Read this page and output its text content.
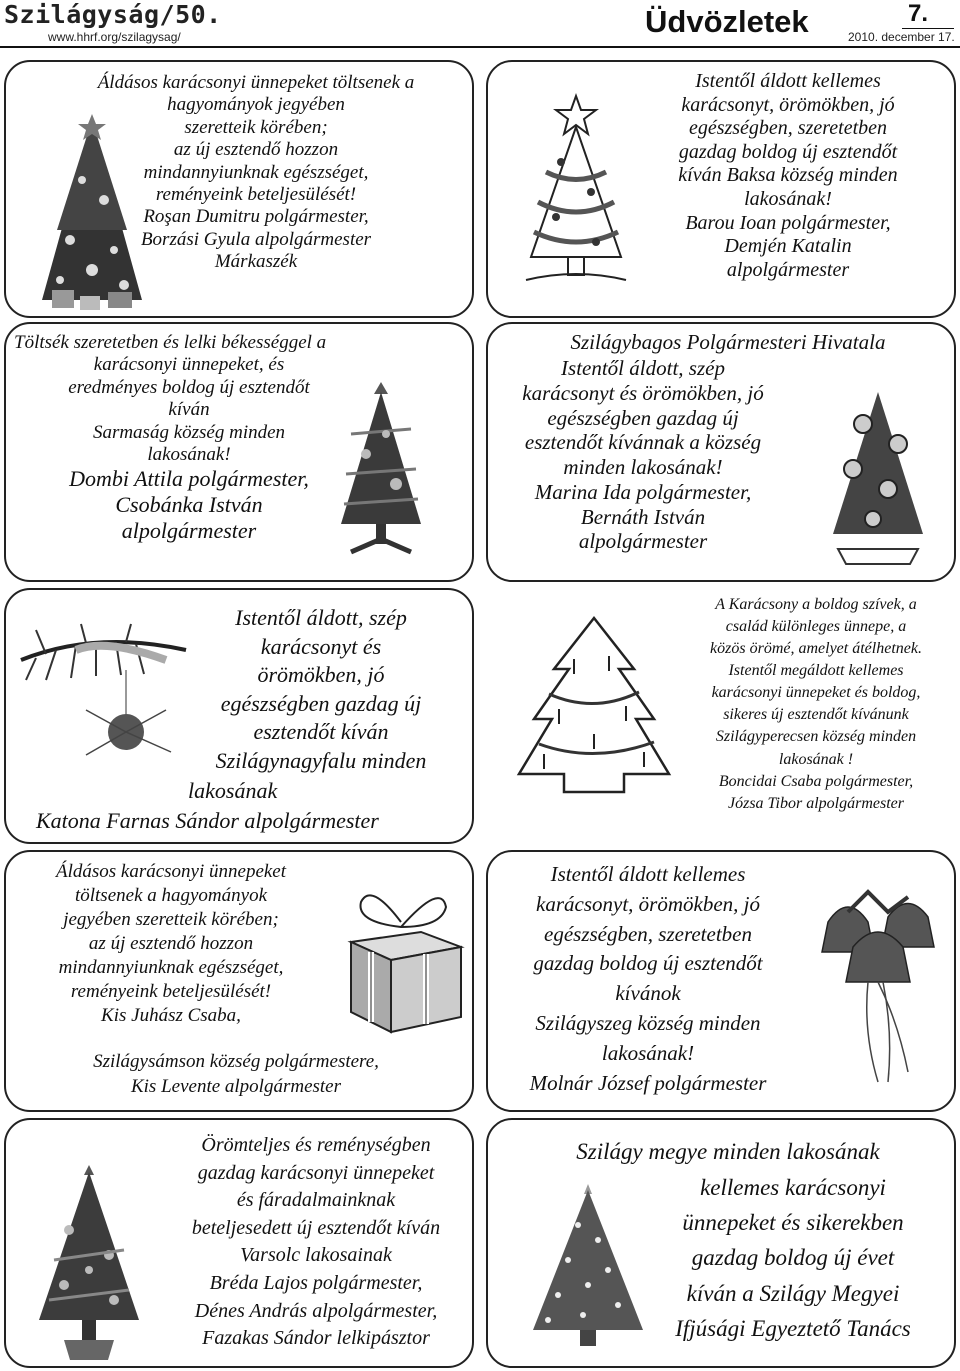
Szilágyság/50.
www.hhrf.org/szilagysag/	Üdvözletek	7.
2010. december 17.
Áldásos karácsonyi ünnepeket töltsenek a
hagyományok jegyében
szeretteik körében;
az új esztendő hozzon
mindannyiunknak egészséget,
reményeink beteljesülését!
Roşan Dumitru polgármester,
Borzási Gyula alpolgármester
Márkaszék
Istentől áldott kellemes
karácsonyt, örömökben, jó
egészségben, szeretetben
gazdag boldog új esztendőt
kíván Baksa község minden
lakosának!
Barou Ioan polgármester,
Demjén Katalin
alpolgármester
Töltsék szeretetben és lelki békességgel a
karácsonyi ünnepeket, és
eredményes boldog új esztendőt
kíván
Sarmaság község minden
lakosának!
Dombi Attila polgármester,
Csobánka István
alpolgármester
Szilágybagos Polgármesteri Hivatala
Istentől áldott, szép
karácsonyt és örömökben, jó
egészségben gazdag új
esztendőt kívánnak a község
minden lakosának!
Marina Ida polgármester,
Bernáth István
alpolgármester
Istentől áldott, szép
karácsonyt és
örömökben, jó
egészségben gazdag új
esztendőt kíván
Szilágynagyfalu minden
lakosának
Katona Farnas Sándor alpolgármester
A Karácsony a boldog szívek, a
család különleges ünnepe, a
közös örömé, amelyet átélhetnek.
Istentől megáldott kellemes
karácsonyi ünnepeket és boldog,
sikeres új esztendőt kívánunk
Szilágyperecsen község minden
lakosának !
Boncidai Csaba polgármester,
Józsa Tibor alpolgármester
Áldásos karácsonyi ünnepeket
töltsenek a hagyományok
jegyében szeretteik körében;
az új esztendő hozzon
mindannyiunknak egészséget,
reményeink beteljesülését!
Kis Juhász Csaba,
Szilágysámson község polgármestere,
Kis Levente alpolgármester
Istentől áldott kellemes
karácsonyt, örömökben, jó
egészségben, szeretetben
gazdag boldog új esztendőt
kívánok
Szilágyszeg község minden
lakosának!
Molnár József polgármester
Örömteljes és reménységben
gazdag karácsonyi ünnepeket
és fáradalmainknak
beteljesedett új esztendőt kíván
Varsolc lakosainak
Bréda Lajos polgármester,
Dénes András alpolgármester,
Fazakas Sándor lelkipásztor
Szilágy megye minden lakosának
kellemes karácsonyi
ünnepeket és sikerekben
gazdag boldog új évet
kíván a Szilágy Megyei
Ifjúsági Egyeztető Tanács
